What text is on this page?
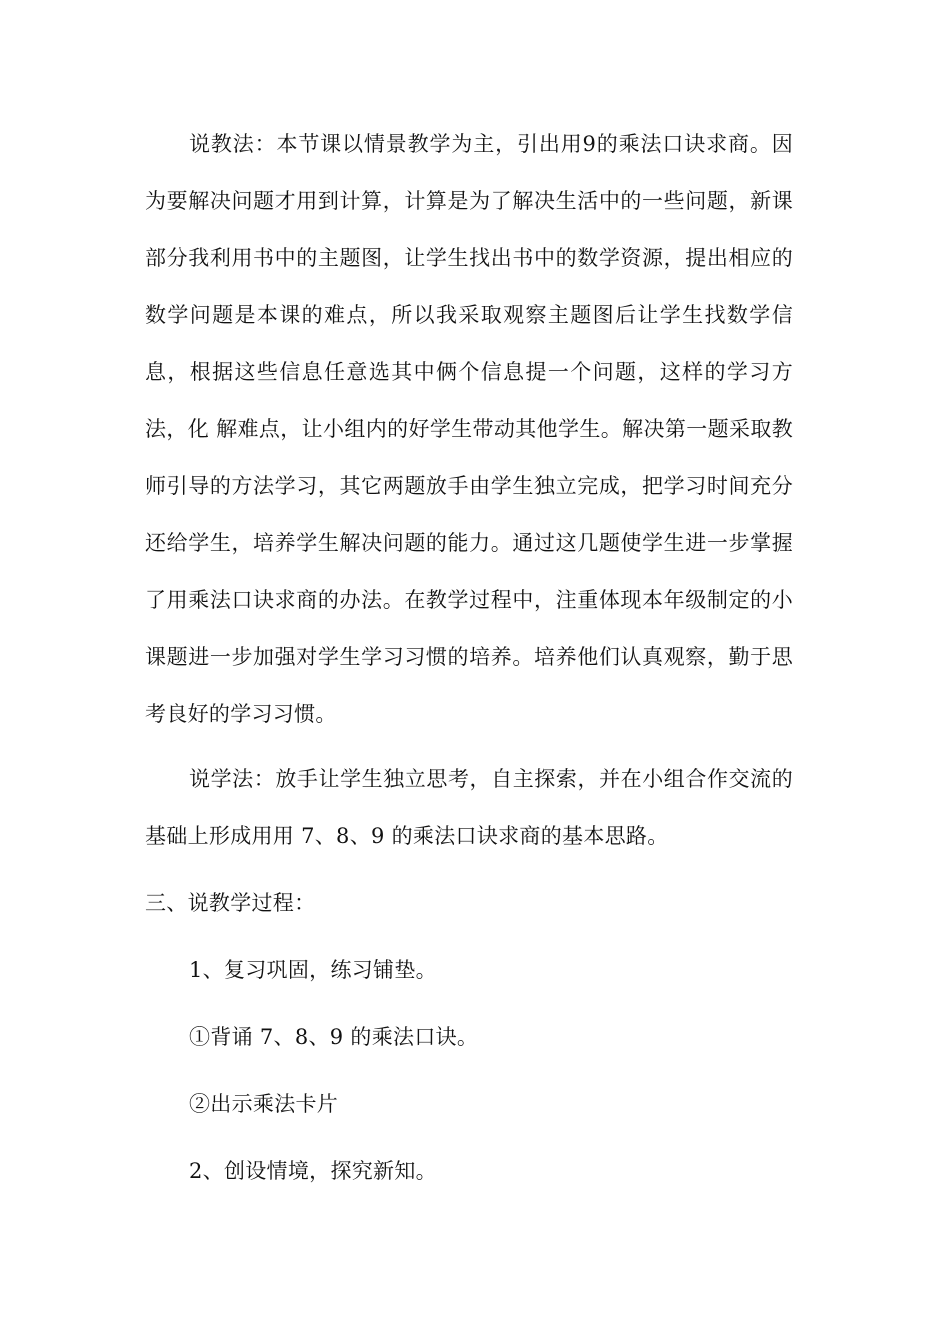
说教法：本节课以情景教学为主，引出用9的乘法口诀求商。因为要解决问题才用到计算，计算是为了解决生活中的一些问题，新课部分我利用书中的主题图，让学生找出书中的数学资源，提出相应的数学问题是本课的难点，所以我采取观察主题图后让学生找数学信息，根据这些信息任意选其中俩个信息提一个问题，这样的学习方法，化 解难点，让小组内的好学生带动其他学生。解决第一题采取教师引导的方法学习，其它两题放手由学生独立完成，把学习时间充分还给学生，培养学生解决问题的能力。通过这几题使学生进一步掌握了用乘法口诀求商的办法。在教学过程中，注重体现本年级制定的小课题进一步加强对学生学习习惯的培养。培养他们认真观察，勤于思考良好的学习习惯。

说学法：放手让学生独立思考，自主探索，并在小组合作交流的基础上形成用用 7、8、9 的乘法口诀求商的基本思路。

三、说教学过程：

1、复习巩固，练习铺垫。

①背诵 7、8、9 的乘法口诀。

②出示乘法卡片

2、创设情境，探究新知。
